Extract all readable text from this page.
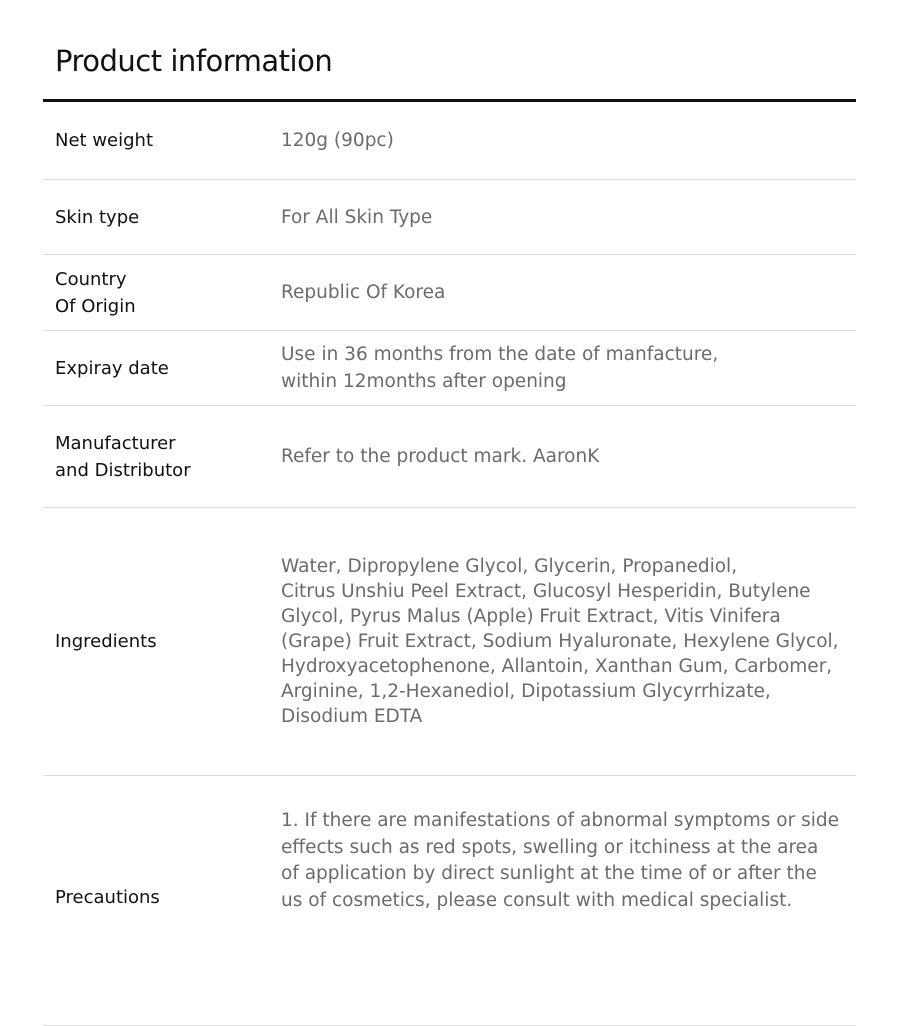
Product information
Net weight	120g (90pc)
Skin type	For All Skin Type
Country
Of Origin
Republic Of Korea
Expiray date
Use in 36 months from the date of manfacture,
within 12months after opening
Manufacturer
and Distributor
Refer to the product mark. AaronK
Ingredients
Water, Dipropylene Glycol, Glycerin, Propanediol,
Citrus Unshiu Peel Extract, Glucosyl Hesperidin, Butylene Glycol, Pyrus Malus (Apple) Fruit Extract, Vitis Vinifera (Grape) Fruit Extract, Sodium Hyaluronate, Hexylene Glycol, Hydroxyacetophenone, Allantoin, Xanthan Gum, Carbomer, Arginine, 1,2-Hexanediol, Dipotassium Glycyrrhizate, Disodium EDTA
Precautions
1. If there are manifestations of abnormal symptoms or side effects such as red spots, swelling or itchiness at the area of application by direct sunlight at the time of or after the us of cosmetics, please consult with medical specialist.
